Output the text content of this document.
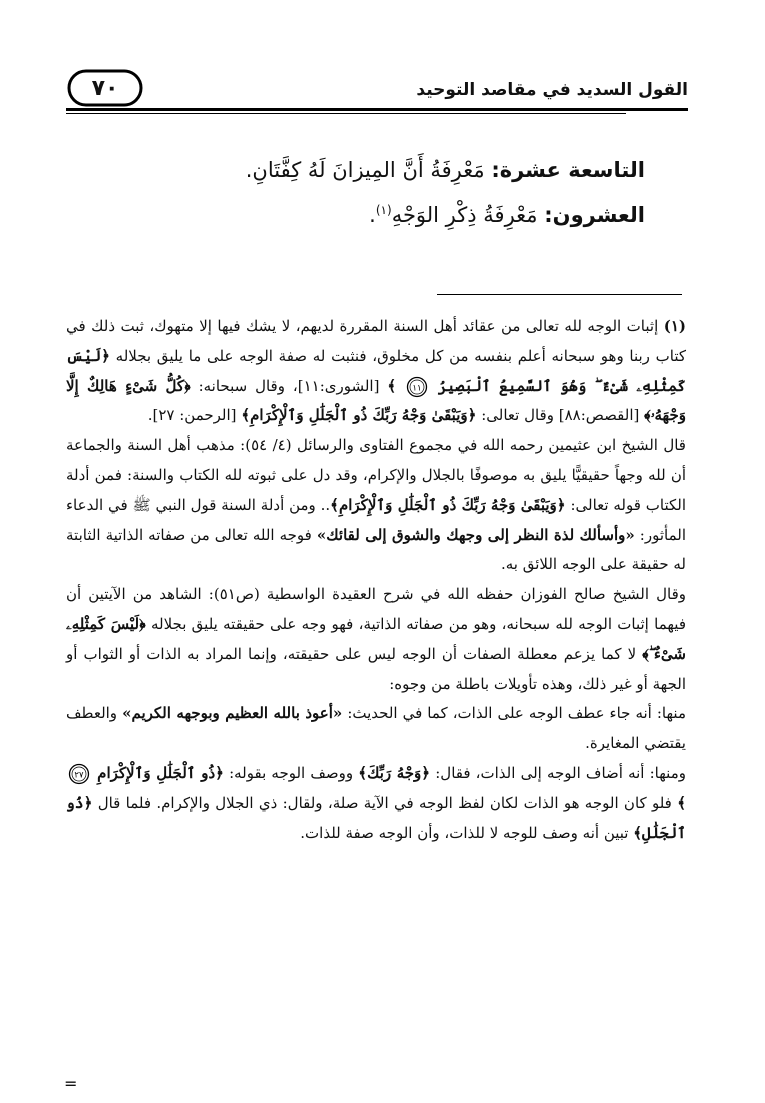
٧٠	القول السديد في مقاصد التوحيد
التاسعة عشرة: مَعْرِفَةُ أَنَّ المِيزانَ لَهُ كِفَّتَانِ.
العشرون: مَعْرِفَةُ ذِكْرِ الوَجْهِ$^{(١)}$.

(١) إثبات الوجه لله تعالى من عقائد أهل السنة المقررة لديهم، لا يشك فيها إلا متهوك، ثبت ذلك في كتاب ربنا وهو سبحانه أعلم بنفسه من كل مخلوق، فنثبت له صفة الوجه على ما يليق بجلاله ﴿لَيْسَ كَمِثْلِهِۦ شَىْءٌ ۖ وَهُوَ ٱلسَّمِيعُ ٱلْبَصِيرُ
١١
﴾ [الشورى:١١]، وقال سبحانه: ﴿كُلُّ شَىْءٍ هَالِكٌ إِلَّا وَجْهَهُۥ﴾ [القصص:٨٨] وقال تعالى: ﴿وَيَبْقَىٰ وَجْهُ رَبِّكَ ذُو ٱلْجَلَٰلِ وَٱلْإِكْرَامِ﴾ [الرحمن: ٢٧].

قال الشيخ ابن عثيمين رحمه الله في مجموع الفتاوى والرسائل (٤/ ٥٤): مذهب أهل السنة والجماعة أن لله وجهاً حقيقيًّا يليق به موصوفًا بالجلال والإكرام، وقد دل على ثبوته لله الكتاب والسنة: فمن أدلة الكتاب قوله تعالى: ﴿وَيَبْقَىٰ وَجْهُ رَبِّكَ ذُو ٱلْجَلَٰلِ وَٱلْإِكْرَامِ﴾.. ومن أدلة السنة قول النبي ﷺ في الدعاء المأثور: «وأسألك لذة النظر إلى وجهك والشوق إلى لقائك» فوجه الله تعالى من صفاته الذاتية الثابتة له حقيقة على الوجه اللائق به.

وقال الشيخ صالح الفوزان حفظه الله في شرح العقيدة الواسطية (ص٥١): الشاهد من الآيتين أن فيهما إثبات الوجه لله سبحانه، وهو من صفاته الذاتية، فهو وجه على حقيقته يليق بجلاله ﴿لَيْسَ كَمِثْلِهِۦ شَىْءٌ ۖ﴾ لا كما يزعم معطلة الصفات أن الوجه ليس على حقيقته، وإنما المراد به الذات أو الثواب أو الجهة أو غير ذلك، وهذه تأويلات باطلة من وجوه:

منها: أنه جاء عطف الوجه على الذات، كما في الحديث: «أعوذ بالله العظيم وبوجهه الكريم» والعطف يقتضي المغايرة.

ومنها: أنه أضاف الوجه إلى الذات، فقال: ﴿وَجْهُ رَبِّكَ﴾ ووصف الوجه بقوله: ﴿ذُو ٱلْجَلَٰلِ وَٱلْإِكْرَامِ
٢٧
﴾ فلو كان الوجه هو الذات لكان لفظ الوجه في الآية صلة، ولقال: ذي الجلال والإكرام. فلما قال ﴿ذُو ٱلْجَلَٰلِ﴾ تبين أنه وصف للوجه لا للذات، وأن الوجه صفة للذات.

=
